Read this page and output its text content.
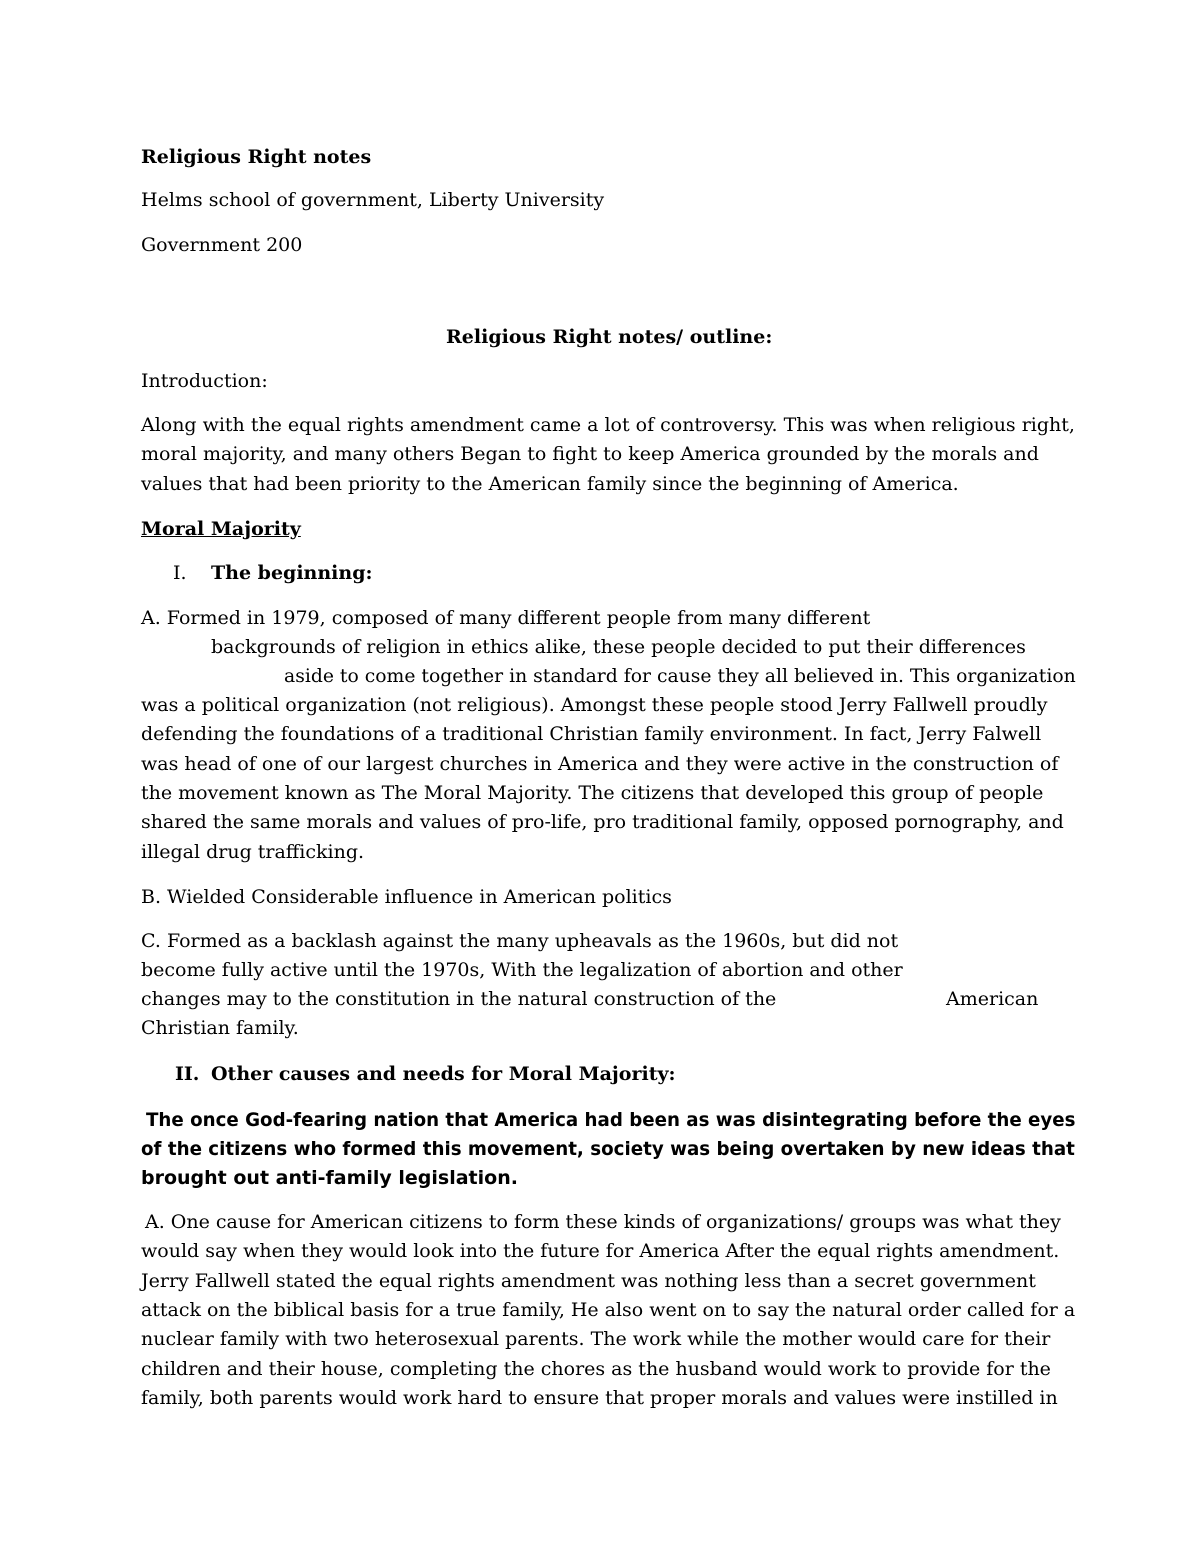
Religious Right notes
Helms school of government, Liberty University
Government 200
Religious Right notes/ outline:
Introduction:
Along with the equal rights amendment came a lot of controversy. This was when religious right,
moral majority, and many others Began to fight to keep America grounded by the morals and
values that had been priority to the American family since the beginning of America.
Moral Majority
I. The beginning:
A. Formed in 1979, composed of many different people from many different
backgrounds of religion in ethics alike, these people decided to put their differences
aside to come together in standard for cause they all believed in. This organization
was a political organization (not religious). Amongst these people stood Jerry Fallwell proudly
defending the foundations of a traditional Christian family environment. In fact, Jerry Falwell
was head of one of our largest churches in America and they were active in the construction of
the movement known as The Moral Majority. The citizens that developed this group of people
shared the same morals and values of pro-life, pro traditional family, opposed pornography, and
illegal drug trafficking.
B. Wielded Considerable influence in American politics
C. Formed as a backlash against the many upheavals as the 1960s, but did not
become fully active until the 1970s, With the legalization of abortion and other
changes may to the constitution in the natural construction of the	American
Christian family.
II. Other causes and needs for Moral Majority:
The once God-fearing nation that America had been as was disintegrating before the eyes
of the citizens who formed this movement, society was being overtaken by new ideas that
brought out anti-family legislation.
A. One cause for American citizens to form these kinds of organizations/ groups was what they
would say when they would look into the future for America After the equal rights amendment.
Jerry Fallwell stated the equal rights amendment was nothing less than a secret government
attack on the biblical basis for a true family, He also went on to say the natural order called for a
nuclear family with two heterosexual parents. The work while the mother would care for their
children and their house, completing the chores as the husband would work to provide for the
family, both parents would work hard to ensure that proper morals and values were instilled in
